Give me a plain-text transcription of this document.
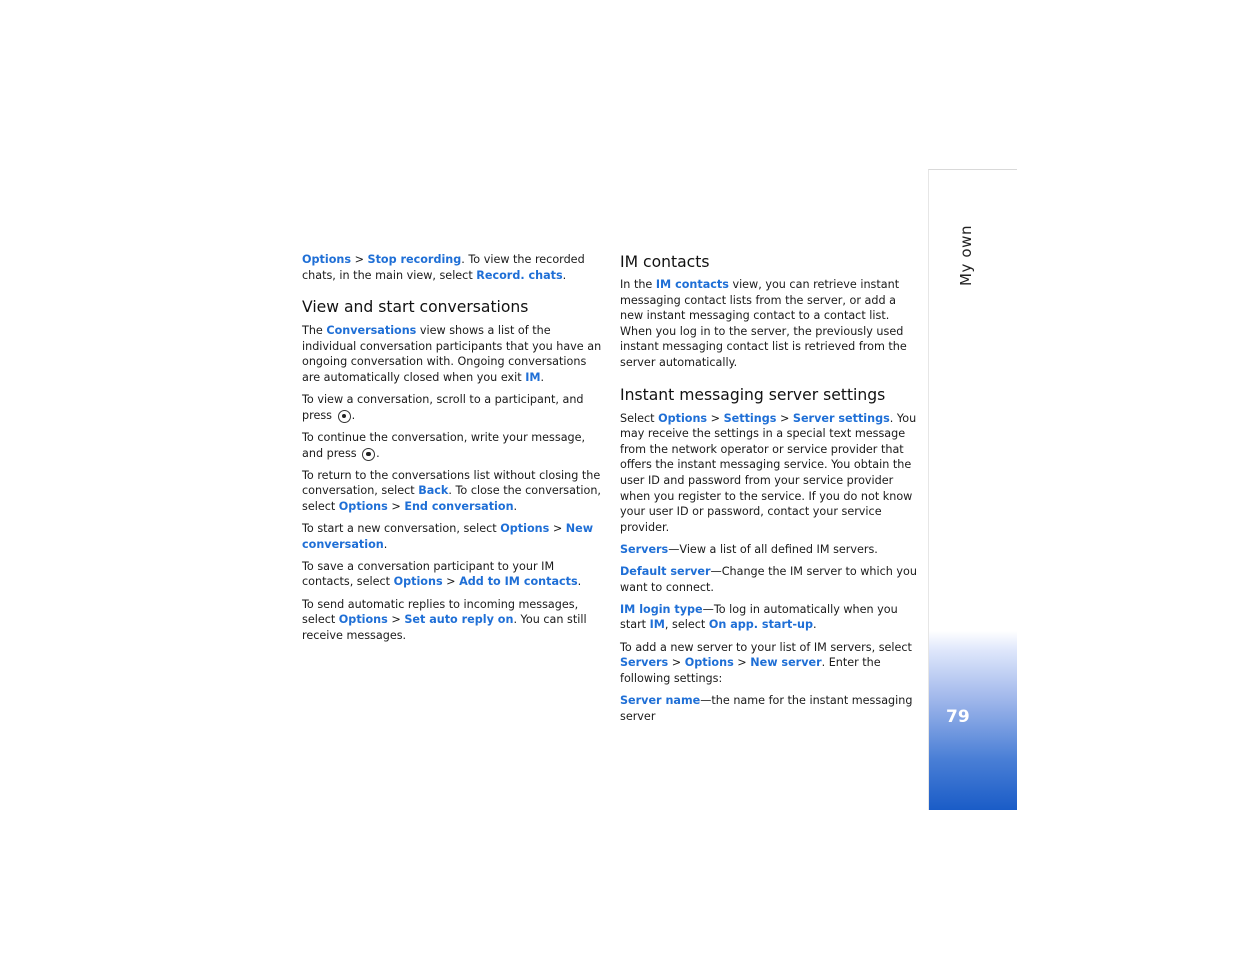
Options > Stop recording. To view the recorded chats, in the main view, select Record. chats.

View and start conversations

The Conversations view shows a list of the individual conversation participants that you have an ongoing conversation with. Ongoing conversations are automatically closed when you exit IM.

To view a conversation, scroll to a participant, and press .

To continue the conversation, write your message, and press .

To return to the conversations list without closing the conversation, select Back. To close the conversation, select Options > End conversation.

To start a new conversation, select Options > New conversation.

To save a conversation participant to your IM contacts, select Options > Add to IM contacts.

To send automatic replies to incoming messages, select Options > Set auto reply on. You can still receive messages.

IM contacts

In the IM contacts view, you can retrieve instant messaging contact lists from the server, or add a new instant messaging contact to a contact list. When you log in to the server, the previously used instant messaging contact list is retrieved from the server automatically.

Instant messaging server settings

Select Options > Settings > Server settings. You may receive the settings in a special text message from the network operator or service provider that offers the instant messaging service. You obtain the user ID and password from your service provider when you register to the service. If you do not know your user ID or password, contact your service provider.

Servers—View a list of all defined IM servers.

Default server—Change the IM server to which you want to connect.

IM login type—To log in automatically when you start IM, select On app. start-up.

To add a new server to your list of IM servers, select Servers > Options > New server. Enter the following settings:

Server name—the name for the instant messaging server

My own
79
